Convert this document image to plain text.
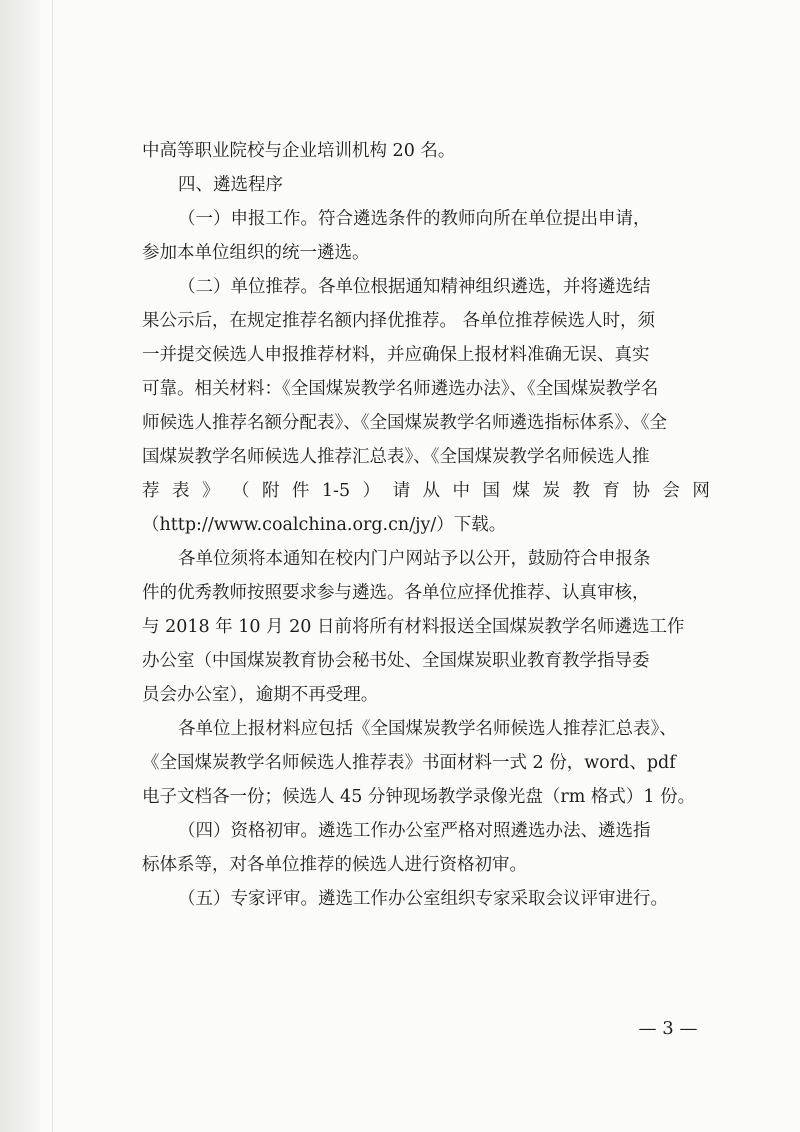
中高等职业院校与企业培训机构 20 名。
四、遴选程序
（一）申报工作。符合遴选条件的教师向所在单位提出申请，
参加本单位组织的统一遴选。
（二）单位推荐。各单位根据通知精神组织遴选，并将遴选结
果公示后，在规定推荐名额内择优推荐。 各单位推荐候选人时，须
一并提交候选人申报推荐材料，并应确保上报材料准确无误、真实
可靠。相关材料：《全国煤炭教学名师遴选办法》、《全国煤炭教学名
师候选人推荐名额分配表》、《全国煤炭教学名师遴选指标体系》、《全
国煤炭教学名师候选人推荐汇总表》、《全国煤炭教学名师候选人推
荐 表 》 （ 附 件 1-5 ） 请 从 中 国 煤 炭 教 育 协 会 网
（http://www.coalchina.org.cn/jy/）下载。
各单位须将本通知在校内门户网站予以公开，鼓励符合申报条
件的优秀教师按照要求参与遴选。各单位应择优推荐、认真审核，
与 2018 年 10 月 20 日前将所有材料报送全国煤炭教学名师遴选工作
办公室（中国煤炭教育协会秘书处、全国煤炭职业教育教学指导委
员会办公室），逾期不再受理。
各单位上报材料应包括《全国煤炭教学名师候选人推荐汇总表》、
《全国煤炭教学名师候选人推荐表》书面材料一式 2 份，word、pdf
电子文档各一份；候选人 45 分钟现场教学录像光盘（rm 格式）1 份。
（四）资格初审。遴选工作办公室严格对照遴选办法、遴选指
标体系等，对各单位推荐的候选人进行资格初审。
（五）专家评审。遴选工作办公室组织专家采取会议评审进行。
— 3 —
